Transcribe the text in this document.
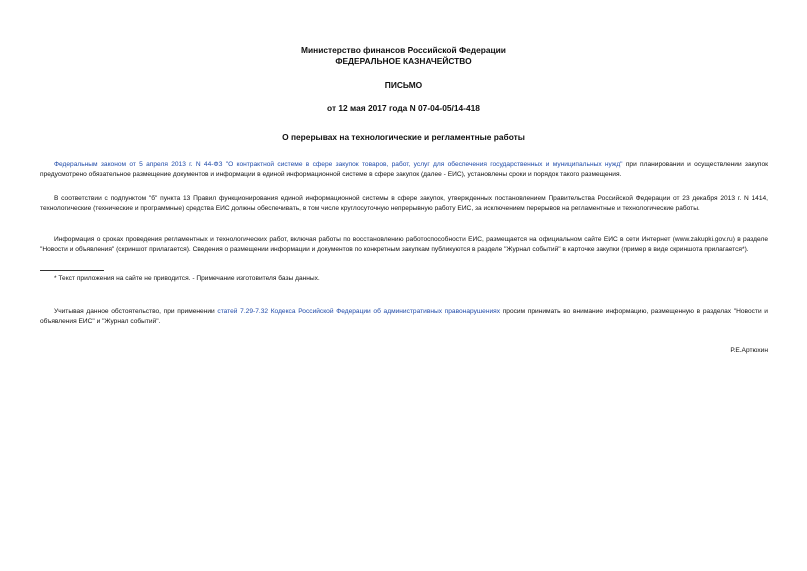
Министерство финансов Российской Федерации
ФЕДЕРАЛЬНОЕ КАЗНАЧЕЙСТВО
ПИСЬМО
от 12 мая 2017 года N 07-04-05/14-418
О перерывах на технологические и регламентные работы
Федеральным законом от 5 апреля 2013 г. N 44-ФЗ "О контрактной системе в сфере закупок товаров, работ, услуг для обеспечения государственных и муниципальных нужд" при планировании и осуществлении закупок предусмотрено обязательное размещение документов и информации в единой информационной системе в сфере закупок (далее - ЕИС), установлены сроки и порядок такого размещения.
В соответствии с подпунктом "б" пункта 13 Правил функционирования единой информационной системы в сфере закупок, утвержденных постановлением Правительства Российской Федерации от 23 декабря 2013 г. N 1414, технологические (технические и программные) средства ЕИС должны обеспечивать, в том числе круглосуточную непрерывную работу ЕИС, за исключением перерывов на регламентные и технологические работы.
Информация о сроках проведения регламентных и технологических работ, включая работы по восстановлению работоспособности ЕИС, размещается на официальном сайте ЕИС в сети Интернет (www.zakupki.gov.ru) в разделе "Новости и объявления" (скриншот прилагается). Сведения о размещении информации и документов по конкретным закупкам публикуются в разделе "Журнал событий" в карточке закупки (пример в виде скриншота прилагается*).
* Текст приложения на сайте не приводится. - Примечание изготовителя базы данных.
Учитывая данное обстоятельство, при применении статей 7.29-7.32 Кодекса Российской Федерации об административных правонарушениях просим принимать во внимание информацию, размещенную в разделах "Новости и объявления ЕИС" и "Журнал событий".
Р.Е.Артюхин
